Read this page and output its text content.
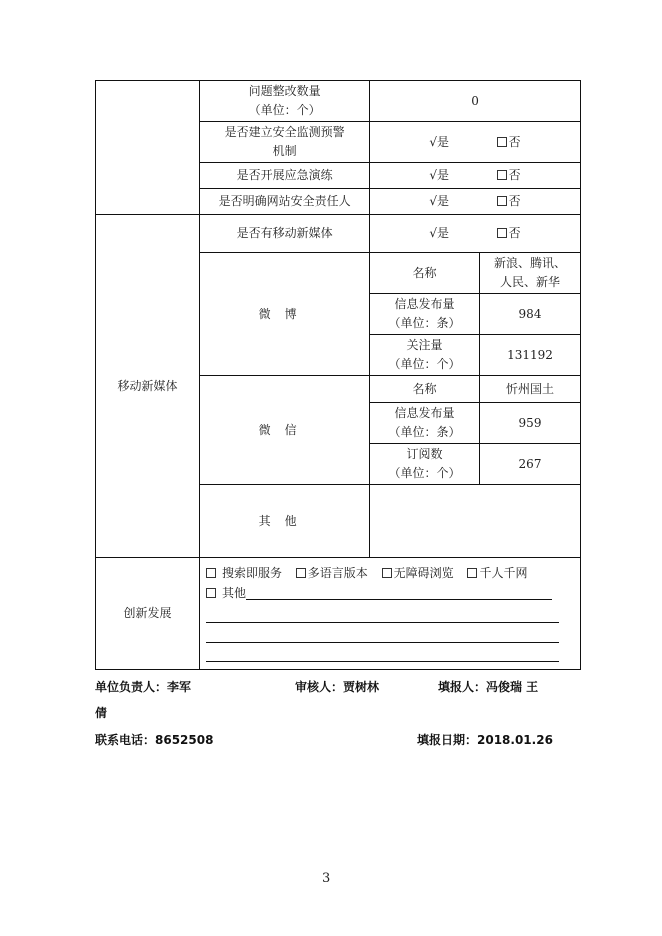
	问题整改数量
（单位：个）	0	

	是否建立安全监测预警
机制	√是 否	
	是否开展应急演练	√是 否	
	是否明确网站安全责任人	√是 否	
移动新媒体	是否有移动新媒体	√是 否	
	微博	名称	新浪、腾讯、
人民、新华

		信息发布量
（单位：条）	984

		关注量
（单位：个）	131192
	微信	名称	忻州国土

		信息发布量
（单位：条）	959

		订阅数
（单位：个）	267
	其他		
创新发展	搜索即服务 多语言版本 无障碍浏览 千人千网
其他		
单位负责人：李军	审核人：贾树林	填报人：冯俊瑞 王
倩
联系电话：8652508	填报日期：2018.01.26
3
